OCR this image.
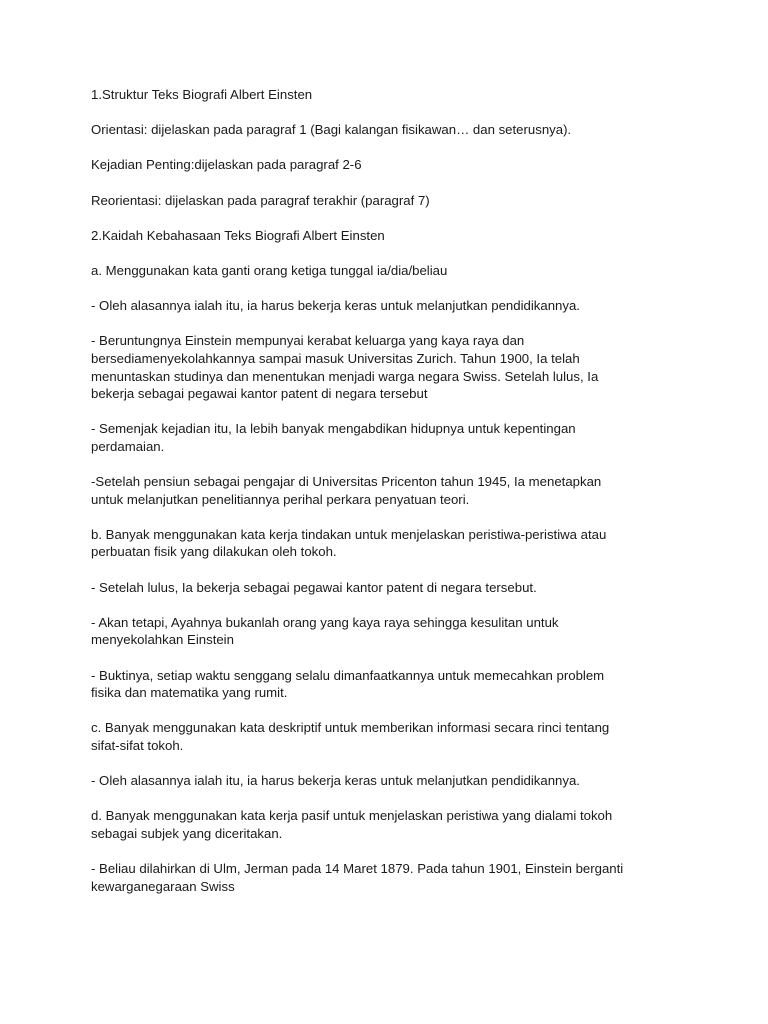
1.Struktur Teks Biografi Albert Einsten

Orientasi: dijelaskan pada paragraf 1 (Bagi kalangan fisikawan… dan seterusnya).

Kejadian Penting:dijelaskan pada paragraf 2-6

Reorientasi: dijelaskan pada paragraf terakhir (paragraf 7)

2.Kaidah Kebahasaan Teks Biografi Albert Einsten

a. Menggunakan kata ganti orang ketiga tunggal ia/dia/beliau

- Oleh alasannya ialah itu, ia harus bekerja keras untuk melanjutkan pendidikannya.

- Beruntungnya Einstein mempunyai kerabat keluarga yang kaya raya dan
bersediamenyekolahkannya sampai masuk Universitas Zurich. Tahun 1900, Ia telah
menuntaskan studinya dan menentukan menjadi warga negara Swiss. Setelah lulus, Ia
bekerja sebagai pegawai kantor patent di negara tersebut

- Semenjak kejadian itu, Ia lebih banyak mengabdikan hidupnya untuk kepentingan
perdamaian.

-Setelah pensiun sebagai pengajar di Universitas Pricenton tahun 1945, Ia menetapkan
untuk melanjutkan penelitiannya perihal perkara penyatuan teori.

b. Banyak menggunakan kata kerja tindakan untuk menjelaskan peristiwa-peristiwa atau
perbuatan fisik yang dilakukan oleh tokoh.

- Setelah lulus, Ia bekerja sebagai pegawai kantor patent di negara tersebut.

- Akan tetapi, Ayahnya bukanlah orang yang kaya raya sehingga kesulitan untuk
menyekolahkan Einstein

- Buktinya, setiap waktu senggang selalu dimanfaatkannya untuk memecahkan problem
fisika dan matematika yang rumit.

c. Banyak menggunakan kata deskriptif untuk memberikan informasi secara rinci tentang
sifat-sifat tokoh.

- Oleh alasannya ialah itu, ia harus bekerja keras untuk melanjutkan pendidikannya.

d. Banyak menggunakan kata kerja pasif untuk menjelaskan peristiwa yang dialami tokoh
sebagai subjek yang diceritakan.

- Beliau dilahirkan di Ulm, Jerman pada 14 Maret 1879. Pada tahun 1901, Einstein berganti
kewarganegaraan Swiss
